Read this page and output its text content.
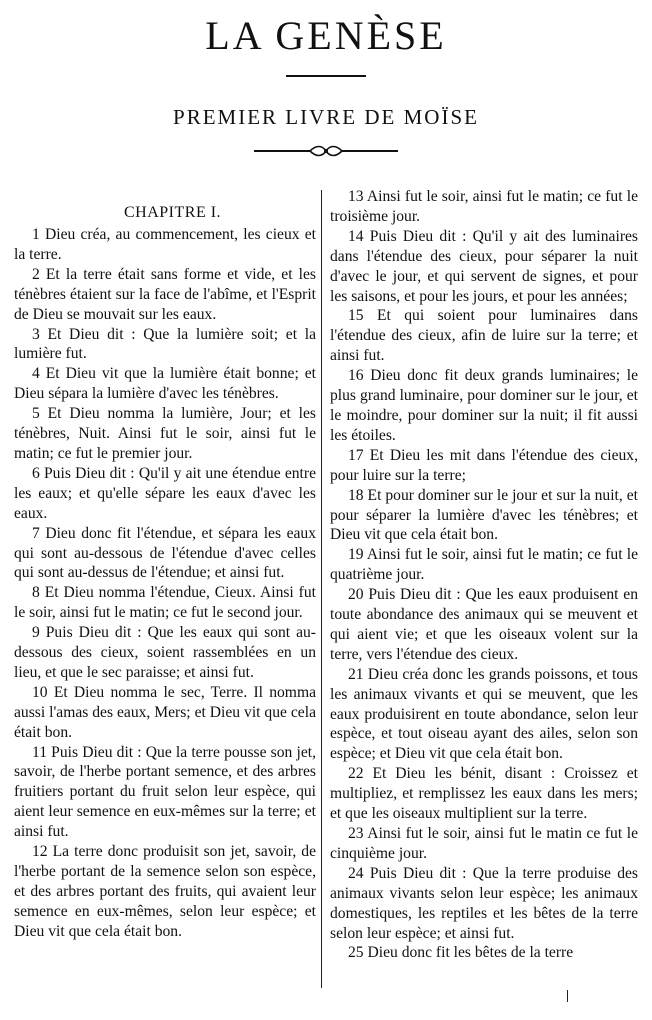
LA GENÈSE
PREMIER LIVRE DE MOÏSE

CHAPITRE I.

1 Dieu créa, au commencement, les cieux et la terre.

2 Et la terre était sans forme et vide, et les ténèbres étaient sur la face de l'abîme, et l'Esprit de Dieu se mouvait sur les eaux.

3 Et Dieu dit : Que la lumière soit; et la lumière fut.

4 Et Dieu vit que la lumière était bonne; et Dieu sépara la lumière d'avec les ténèbres.

5 Et Dieu nomma la lumière, Jour; et les ténèbres, Nuit. Ainsi fut le soir, ainsi fut le matin; ce fut le premier jour.

6 Puis Dieu dit : Qu'il y ait une étendue entre les eaux; et qu'elle sépare les eaux d'avec les eaux.

7 Dieu donc fit l'étendue, et sépara les eaux qui sont au-dessous de l'étendue d'avec celles qui sont au-dessus de l'étendue; et ainsi fut.

8 Et Dieu nomma l'étendue, Cieux. Ainsi fut le soir, ainsi fut le matin; ce fut le second jour.

9 Puis Dieu dit : Que les eaux qui sont au-dessous des cieux, soient rassemblées en un lieu, et que le sec paraisse; et ainsi fut.

10 Et Dieu nomma le sec, Terre. Il nomma aussi l'amas des eaux, Mers; et Dieu vit que cela était bon.

11 Puis Dieu dit : Que la terre pousse son jet, savoir, de l'herbe portant semence, et des arbres fruitiers portant du fruit selon leur espèce, qui aient leur semence en eux-mêmes sur la terre; et ainsi fut.

12 La terre donc produisit son jet, savoir, de l'herbe portant de la semence selon son espèce, et des arbres portant des fruits, qui avaient leur semence en eux-mêmes, selon leur espèce; et Dieu vit que cela était bon.

13 Ainsi fut le soir, ainsi fut le matin; ce fut le troisième jour.

14 Puis Dieu dit : Qu'il y ait des luminaires dans l'étendue des cieux, pour séparer la nuit d'avec le jour, et qui servent de signes, et pour les saisons, et pour les jours, et pour les années;

15 Et qui soient pour luminaires dans l'étendue des cieux, afin de luire sur la terre; et ainsi fut.

16 Dieu donc fit deux grands luminaires; le plus grand luminaire, pour dominer sur le jour, et le moindre, pour dominer sur la nuit; il fit aussi les étoiles.

17 Et Dieu les mit dans l'étendue des cieux, pour luire sur la terre;

18 Et pour dominer sur le jour et sur la nuit, et pour séparer la lumière d'avec les ténèbres; et Dieu vit que cela était bon.

19 Ainsi fut le soir, ainsi fut le matin; ce fut le quatrième jour.

20 Puis Dieu dit : Que les eaux produisent en toute abondance des animaux qui se meuvent et qui aient vie; et que les oiseaux volent sur la terre, vers l'étendue des cieux.

21 Dieu créa donc les grands poissons, et tous les animaux vivants et qui se meuvent, que les eaux produisirent en toute abondance, selon leur espèce, et tout oiseau ayant des ailes, selon son espèce; et Dieu vit que cela était bon.

22 Et Dieu les bénit, disant : Croissez et multipliez, et remplissez les eaux dans les mers; et que les oiseaux multiplient sur la terre.

23 Ainsi fut le soir, ainsi fut le matin ce fut le cinquième jour.

24 Puis Dieu dit : Que la terre produise des animaux vivants selon leur espèce; les animaux domestiques, les reptiles et les bêtes de la terre selon leur espèce; et ainsi fut.

25 Dieu donc fit les bêtes de la terre
